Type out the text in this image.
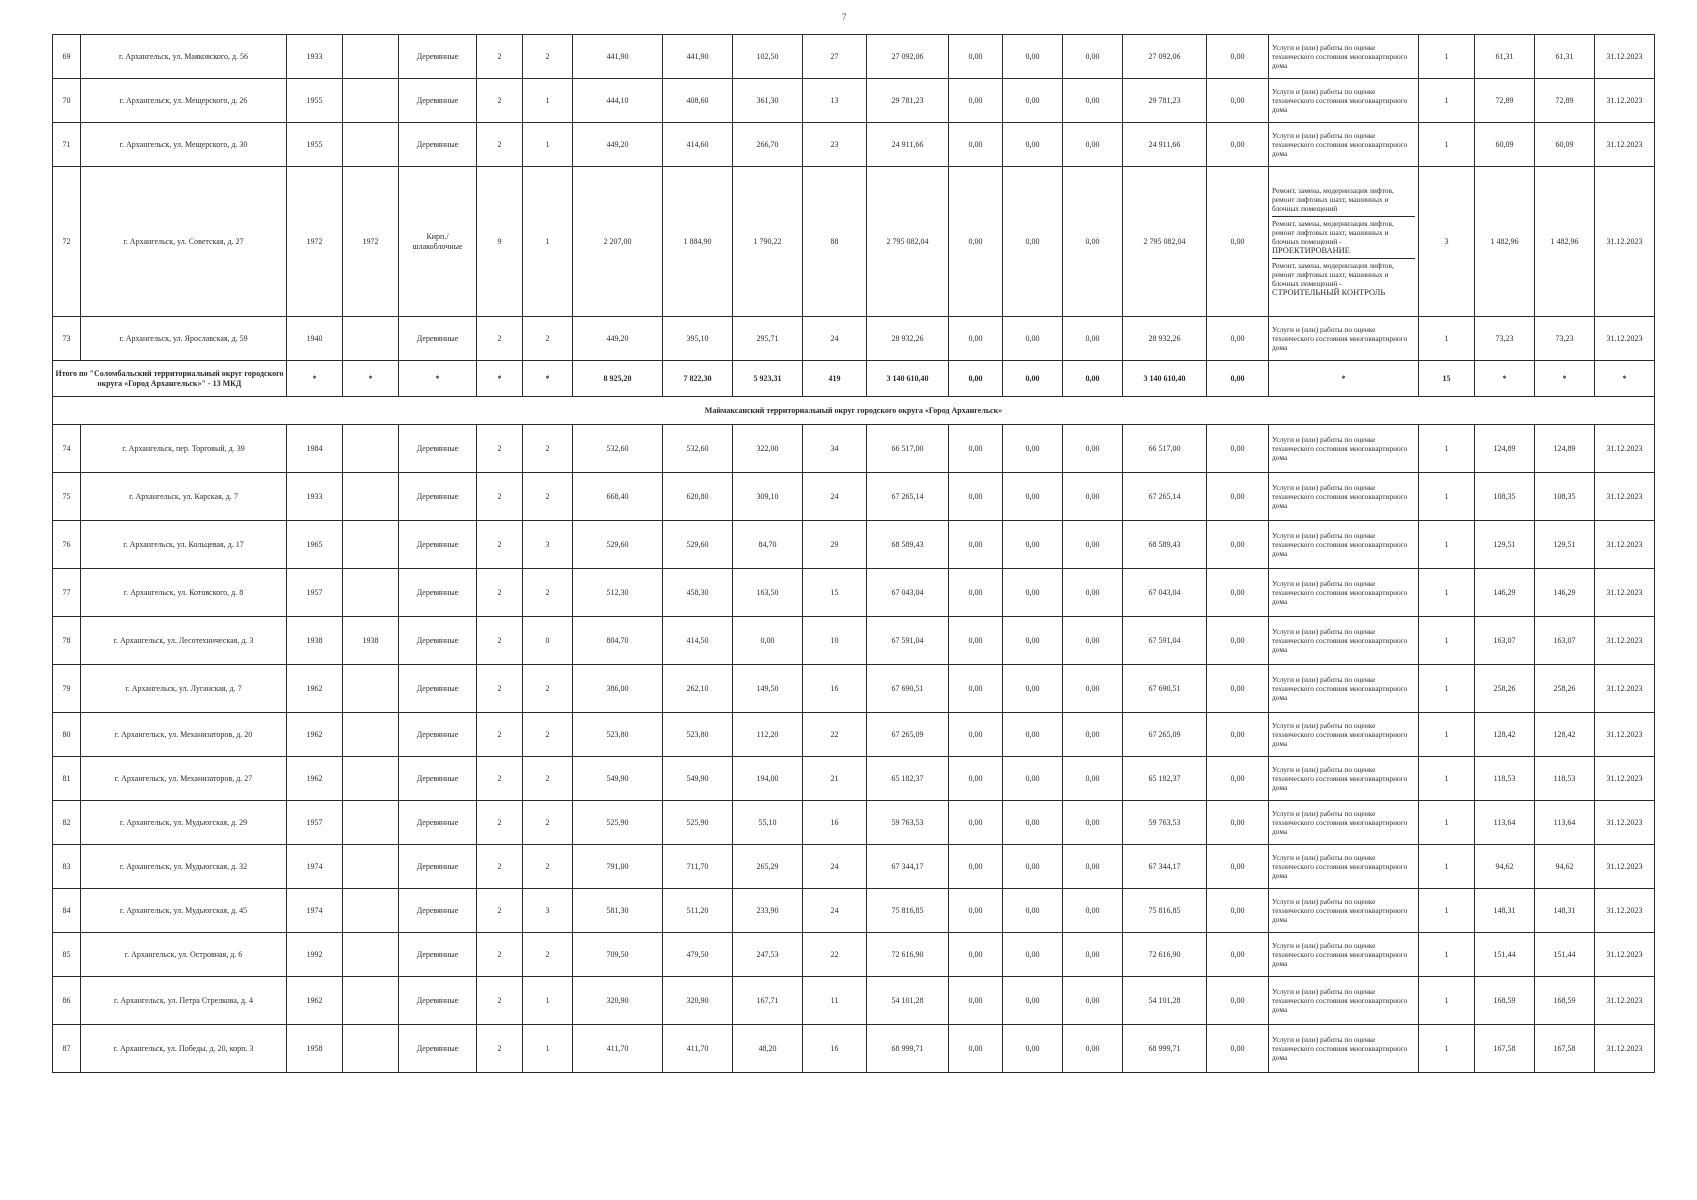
7
69	г. Архангельск, ул. Маяковского, д. 56	1933		Деревянные	2	2	441,90	441,90	102,50	27	27 092,06	0,00	0,00	0,00	27 092,06	0,00	Услуги и (или) работы по оценке технического состояния многоквартирного дома	1	61,31	61,31	31.12.2023
70	г. Архангельск, ул. Мещерского, д. 26	1955		Деревянные	2	1	444,10	408,60	361,30	13	29 781,23	0,00	0,00	0,00	29 781,23	0,00	Услуги и (или) работы по оценке технического состояния многоквартирного дома	1	72,89	72,89	31.12.2023
71	г. Архангельск, ул. Мещерского, д. 30	1955		Деревянные	2	1	449,20	414,60	266,70	23	24 911,66	0,00	0,00	0,00	24 911,66	0,00	Услуги и (или) работы по оценке технического состояния многоквартирного дома	1	60,09	60,09	31.12.2023
72	г. Архангельск, ул. Советская, д. 27	1972	1972	Кирп./ шлакоблочные	9	1	2 207,00	1 884,90	1 790,22	88	2 795 082,04	0,00	0,00	0,00	2 795 082,04	0,00	Ремонт, замена, модернизация лифтов, ремонт лифтовых шахт, машинных и блочных помещений
Ремонт, замена, модернизация лифтов, ремонт лифтовых шахт, машинных и блочных помещений -
ПРОЕКТИРОВАНИЕ
Ремонт, замена, модернизация лифтов, ремонт лифтовых шахт, машинных и блочных помещений -
СТРОИТЕЛЬНЫЙ КОНТРОЛЬ	3	1 482,96	1 482,96	31.12.2023
73	г. Архангельск, ул. Ярославская, д. 59	1940		Деревянные	2	2	449,20	395,10	295,71	24	28 932,26	0,00	0,00	0,00	28 932,26	0,00	Услуги и (или) работы по оценке технического состояния многоквартирного дома	1	73,23	73,23	31.12.2023
Итого по "Соломбальский территориальный округ городского округа «Город Архангельск»" - 13 МКД		*	*	*	*	*	8 925,20	7 822,30	5 923,31	419	3 140 610,40	0,00	0,00	0,00	3 140 610,40	0,00	*	15	*	*	*
Маймаксанский территориальный округ городского округа «Город Архангельск»																					
74	г. Архангельск, пер. Торговый, д. 39	1984		Деревянные	2	2	532,60	532,60	322,00	34	66 517,00	0,00	0,00	0,00	66 517,00	0,00	Услуги и (или) работы по оценке технического состояния многоквартирного дома	1	124,89	124,89	31.12.2023
75	г. Архангельск, ул. Карская, д. 7	1933		Деревянные	2	2	668,40	620,80	309,10	24	67 265,14	0,00	0,00	0,00	67 265,14	0,00	Услуги и (или) работы по оценке технического состояния многоквартирного дома	1	108,35	108,35	31.12.2023
76	г. Архангельск, ул. Кольцевая, д. 17	1965		Деревянные	2	3	529,60	529,60	84,70	29	68 589,43	0,00	0,00	0,00	68 589,43	0,00	Услуги и (или) работы по оценке технического состояния многоквартирного дома	1	129,51	129,51	31.12.2023
77	г. Архангельск, ул. Котовского, д. 8	1957		Деревянные	2	2	512,30	458,30	163,50	15	67 043,04	0,00	0,00	0,00	67 043,04	0,00	Услуги и (или) работы по оценке технического состояния многоквартирного дома	1	146,29	146,29	31.12.2023
78	г. Архангельск, ул. Лесотехническая, д. 3	1938	1938	Деревянные	2	0	804,70	414,50	0,00	10	67 591,04	0,00	0,00	0,00	67 591,04	0,00	Услуги и (или) работы по оценке технического состояния многоквартирного дома	1	163,07	163,07	31.12.2023
79	г. Архангельск, ул. Луганская, д. 7	1962		Деревянные	2	2	386,00	262,10	149,50	16	67 690,51	0,00	0,00	0,00	67 690,51	0,00	Услуги и (или) работы по оценке технического состояния многоквартирного дома	1	258,26	258,26	31.12.2023
80	г. Архангельск, ул. Механизаторов, д. 20	1962		Деревянные	2	2	523,80	523,80	112,20	22	67 265,09	0,00	0,00	0,00	67 265,09	0,00	Услуги и (или) работы по оценке технического состояния многоквартирного дома	1	128,42	128,42	31.12.2023
81	г. Архангельск, ул. Механизаторов, д. 27	1962		Деревянные	2	2	549,90	549,90	194,00	21	65 182,37	0,00	0,00	0,00	65 182,37	0,00	Услуги и (или) работы по оценке технического состояния многоквартирного дома	1	118,53	118,53	31.12.2023
82	г. Архангельск, ул. Мудьюгская, д. 29	1957		Деревянные	2	2	525,90	525,90	55,10	16	59 763,53	0,00	0,00	0,00	59 763,53	0,00	Услуги и (или) работы по оценке технического состояния многоквартирного дома	1	113,64	113,64	31.12.2023
83	г. Архангельск, ул. Мудьюгская, д. 32	1974		Деревянные	2	2	791,00	711,70	265,29	24	67 344,17	0,00	0,00	0,00	67 344,17	0,00	Услуги и (или) работы по оценке технического состояния многоквартирного дома	1	94,62	94,62	31.12.2023
84	г. Архангельск, ул. Мудьюгская, д. 45	1974		Деревянные	2	3	581,30	511,20	233,90	24	75 816,85	0,00	0,00	0,00	75 816,85	0,00	Услуги и (или) работы по оценке технического состояния многоквартирного дома	1	148,31	148,31	31.12.2023
85	г. Архангельск, ул. Островная, д. 6	1992		Деревянные	2	2	709,50	479,50	247,53	22	72 616,90	0,00	0,00	0,00	72 616,90	0,00	Услуги и (или) работы по оценке технического состояния многоквартирного дома	1	151,44	151,44	31.12.2023
86	г. Архангельск, ул. Петра Стрелкова, д. 4	1962		Деревянные	2	1	320,90	320,90	167,71	11	54 101,28	0,00	0,00	0,00	54 101,28	0,00	Услуги и (или) работы по оценке технического состояния многоквартирного дома	1	168,59	168,59	31.12.2023
87	г. Архангельск, ул. Победы, д. 20, корп. 3	1958		Деревянные	2	1	411,70	411,70	48,20	16	68 999,71	0,00	0,00	0,00	68 999,71	0,00	Услуги и (или) работы по оценке технического состояния многоквартирного дома	1	167,58	167,58	31.12.2023
